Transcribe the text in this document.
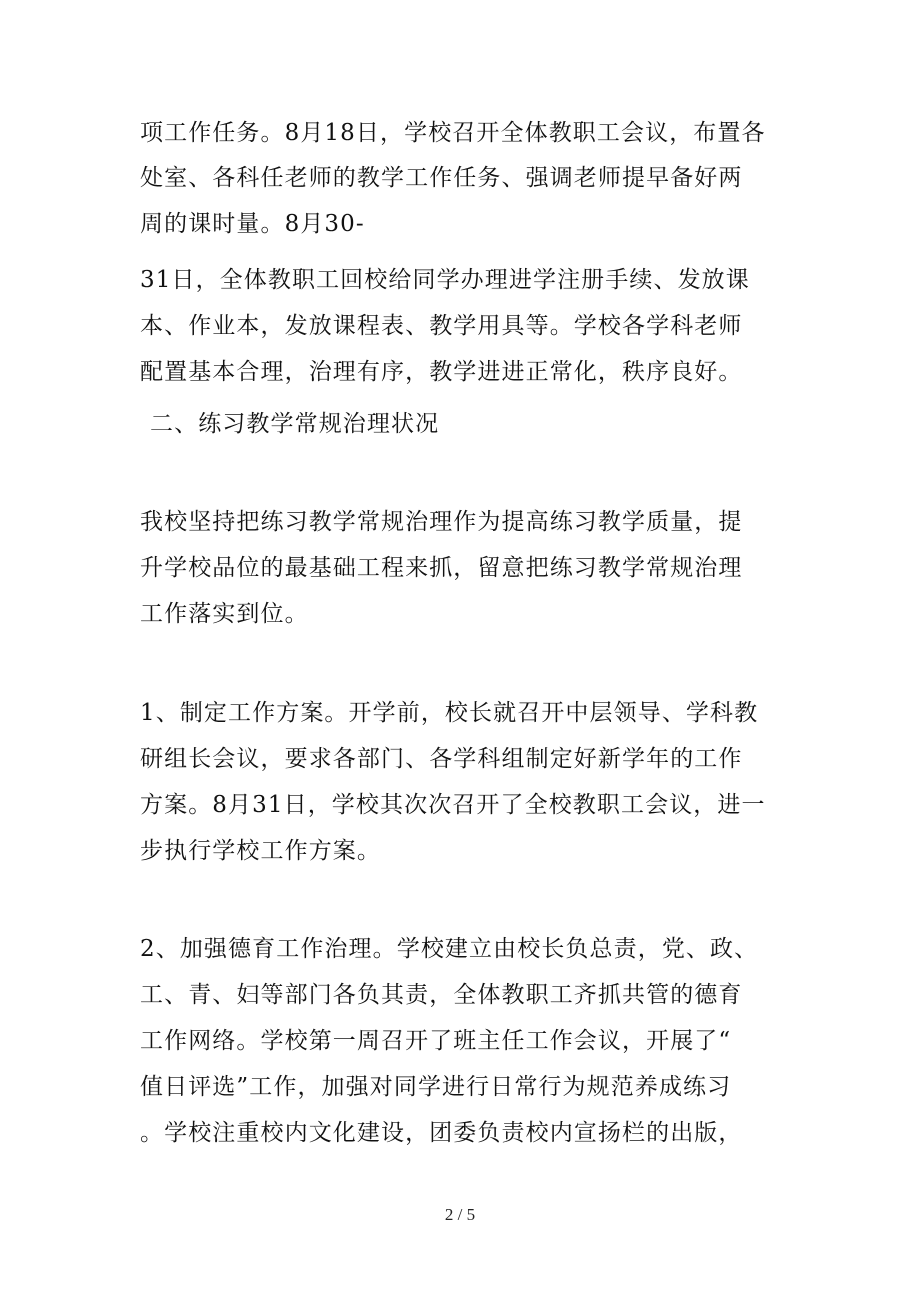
项工作任务。8月18日，学校召开全体教职工会议，布置各
处室、各科任老师的教学工作任务、强调老师提早备好两
周的课时量。8月30-
31日，全体教职工回校给同学办理进学注册手续、发放课
本、作业本，发放课程表、教学用具等。学校各学科老师
配置基本合理，治理有序，教学进进正常化，秩序良好。
二、练习教学常规治理状况
我校坚持把练习教学常规治理作为提高练习教学质量，提
升学校品位的最基础工程来抓，留意把练习教学常规治理
工作落实到位。
1、制定工作方案。开学前，校长就召开中层领导、学科教
研组长会议，要求各部门、各学科组制定好新学年的工作
方案。8月31日，学校其次次召开了全校教职工会议，进一
步执行学校工作方案。
2、加强德育工作治理。学校建立由校长负总责，党、政、
工、青、妇等部门各负其责，全体教职工齐抓共管的德育
工作网络。学校第一周召开了班主任工作会议，开展了“
值日评选”工作，加强对同学进行日常行为规范养成练习
。学校注重校内文化建设，团委负责校内宣扬栏的出版，
2 / 5
